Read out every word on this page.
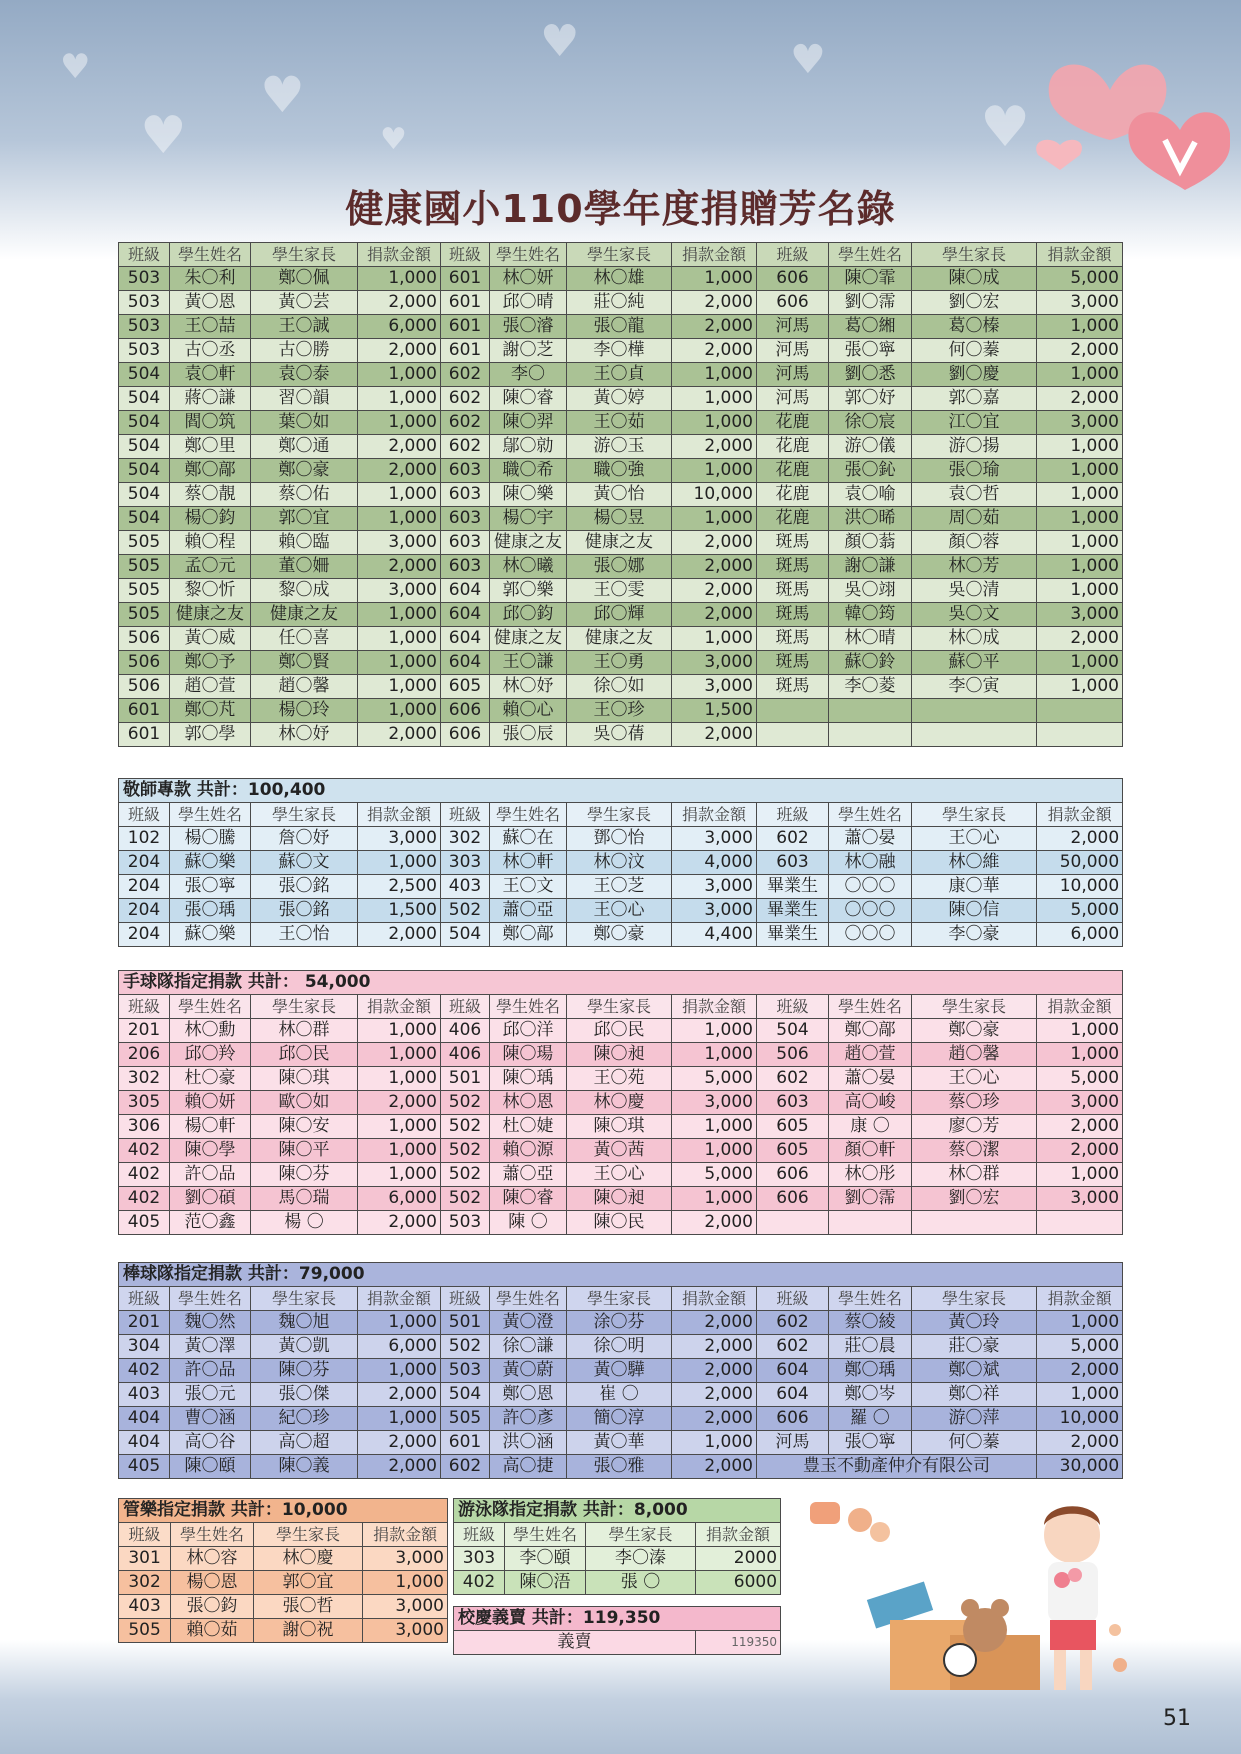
♥	♥
♥	♥
♥	♥
♥
健康國小110學年度捐贈芳名錄
班級	學生姓名	學生家長	捐款金額	班級	學生姓名	學生家長	捐款金額	班級	學生姓名	學生家長	捐款金額
503	朱〇利	鄭〇佩	1,000	601	林〇妍	林〇雄	1,000	606	陳〇霏	陳〇成	5,000
503	黃〇恩	黃〇芸	2,000	601	邱〇晴	莊〇純	2,000	606	劉〇霈	劉〇宏	3,000
503	王〇喆	王〇誠	6,000	601	張〇濬	張〇龍	2,000	河馬	葛〇緗	葛〇榛	1,000
503	古〇丞	古〇勝	2,000	601	謝〇芝	李〇樺	2,000	河馬	張〇寧	何〇蓁	2,000
504	袁〇軒	袁〇泰	1,000	602	李〇	王〇貞	1,000	河馬	劉〇悉	劉〇慶	1,000
504	蔣〇謙	習〇韻	1,000	602	陳〇睿	黃〇婷	1,000	河馬	郭〇妤	郭〇嘉	2,000
504	閻〇筑	葉〇如	1,000	602	陳〇羿	王〇茹	1,000	花鹿	徐〇宸	江〇宜	3,000
504	鄭〇里	鄭〇通	2,000	602	鄔〇勍	游〇玉	2,000	花鹿	游〇儀	游〇揚	1,000
504	鄭〇鄗	鄭〇豪	2,000	603	職〇希	職〇強	1,000	花鹿	張〇鈊	張〇瑜	1,000
504	蔡〇靚	蔡〇佑	1,000	603	陳〇樂	黃〇怡	10,000	花鹿	袁〇喻	袁〇哲	1,000
504	楊〇鈞	郭〇宜	1,000	603	楊〇宇	楊〇昱	1,000	花鹿	洪〇晞	周〇茹	1,000
505	賴〇程	賴〇臨	3,000	603	健康之友	健康之友	2,000	斑馬	顏〇蓊	顏〇蓉	1,000
505	孟〇元	董〇姍	2,000	603	林〇曦	張〇娜	2,000	斑馬	謝〇謙	林〇芳	1,000
505	黎〇忻	黎〇成	3,000	604	郭〇樂	王〇雯	2,000	斑馬	吳〇翊	吳〇清	1,000
505	健康之友	健康之友	1,000	604	邱〇鈞	邱〇輝	2,000	斑馬	韓〇筠	吳〇文	3,000
506	黃〇威	任〇喜	1,000	604	健康之友	健康之友	1,000	斑馬	林〇晴	林〇成	2,000
506	鄭〇予	鄭〇賢	1,000	604	王〇謙	王〇勇	3,000	斑馬	蘇〇鈴	蘇〇平	1,000
506	趙〇萱	趙〇馨	1,000	605	林〇妤	徐〇如	3,000	斑馬	李〇菱	李〇寅	1,000
601	鄭〇芃	楊〇玲	1,000	606	賴〇心	王〇珍	1,500				
601	郭〇學	林〇妤	2,000	606	張〇辰	吳〇蒨	2,000				
敬師專款 共計：100,400											
班級	學生姓名	學生家長	捐款金額	班級	學生姓名	學生家長	捐款金額	班級	學生姓名	學生家長	捐款金額
102	楊〇騰	詹〇妤	3,000	302	蘇〇在	鄧〇怡	3,000	602	蕭〇晏	王〇心	2,000
204	蘇〇樂	蘇〇文	1,000	303	林〇軒	林〇汶	4,000	603	林〇融	林〇維	50,000
204	張〇寧	張〇銘	2,500	403	王〇文	王〇芝	3,000	畢業生	〇〇〇	康〇華	10,000
204	張〇瑀	張〇銘	1,500	502	蕭〇亞	王〇心	3,000	畢業生	〇〇〇	陳〇信	5,000
204	蘇〇樂	王〇怡	2,000	504	鄭〇鄗	鄭〇豪	4,400	畢業生	〇〇〇	李〇豪	6,000
手球隊指定捐款 共計： 54,000											
班級	學生姓名	學生家長	捐款金額	班級	學生姓名	學生家長	捐款金額	班級	學生姓名	學生家長	捐款金額
201	林〇勳	林〇群	1,000	406	邱〇洋	邱〇民	1,000	504	鄭〇鄗	鄭〇豪	1,000
206	邱〇羚	邱〇民	1,000	406	陳〇瑒	陳〇昶	1,000	506	趙〇萱	趙〇馨	1,000
302	杜〇豪	陳〇琪	1,000	501	陳〇瑀	王〇苑	5,000	602	蕭〇晏	王〇心	5,000
305	賴〇妍	歐〇如	2,000	502	林〇恩	林〇慶	3,000	603	高〇峻	蔡〇珍	3,000
306	楊〇軒	陳〇安	1,000	502	杜〇婕	陳〇琪	1,000	605	康 〇	廖〇芳	2,000
402	陳〇學	陳〇平	1,000	502	賴〇源	黃〇茜	1,000	605	顏〇軒	蔡〇潔	2,000
402	許〇品	陳〇芬	1,000	502	蕭〇亞	王〇心	5,000	606	林〇彤	林〇群	1,000
402	劉〇碩	馬〇瑞	6,000	502	陳〇睿	陳〇昶	1,000	606	劉〇霈	劉〇宏	3,000
405	范〇鑫	楊 〇	2,000	503	陳 〇	陳〇民	2,000				
棒球隊指定捐款 共計：79,000											
班級	學生姓名	學生家長	捐款金額	班級	學生姓名	學生家長	捐款金額	班級	學生姓名	學生家長	捐款金額
201	魏〇然	魏〇旭	1,000	501	黃〇澄	涂〇芬	2,000	602	蔡〇綾	黃〇玲	1,000
304	黃〇澤	黃〇凱	6,000	502	徐〇謙	徐〇明	2,000	602	莊〇晨	莊〇豪	5,000
402	許〇品	陳〇芬	1,000	503	黃〇蔚	黃〇驊	2,000	604	鄭〇瑀	鄭〇斌	2,000
403	張〇元	張〇傑	2,000	504	鄭〇恩	崔 〇	2,000	604	鄭〇岑	鄭〇祥	1,000
404	曹〇涵	紀〇珍	1,000	505	許〇彥	簡〇淳	2,000	606	羅 〇	游〇萍	10,000
404	高〇谷	高〇超	2,000	601	洪〇涵	黃〇華	1,000	河馬	張〇寧	何〇蓁	2,000
405	陳〇頤	陳〇義	2,000	602	高〇捷	張〇雅	2,000	豊玉不動產仲介有限公司			30,000
管樂指定捐款 共計：10,000			
班級	學生姓名	學生家長	捐款金額
301	林〇容	林〇慶	3,000
302	楊〇恩	郭〇宜	1,000
403	張〇鈞	張〇哲	3,000
505	賴〇茹	謝〇祝	3,000
游泳隊指定捐款 共計：8,000			
班級	學生姓名	學生家長	捐款金額
303	李〇頤	李〇溱	2000
402	陳〇浯	張 〇	6000
校慶義賣 共計：119,350
義賣	119350
51
